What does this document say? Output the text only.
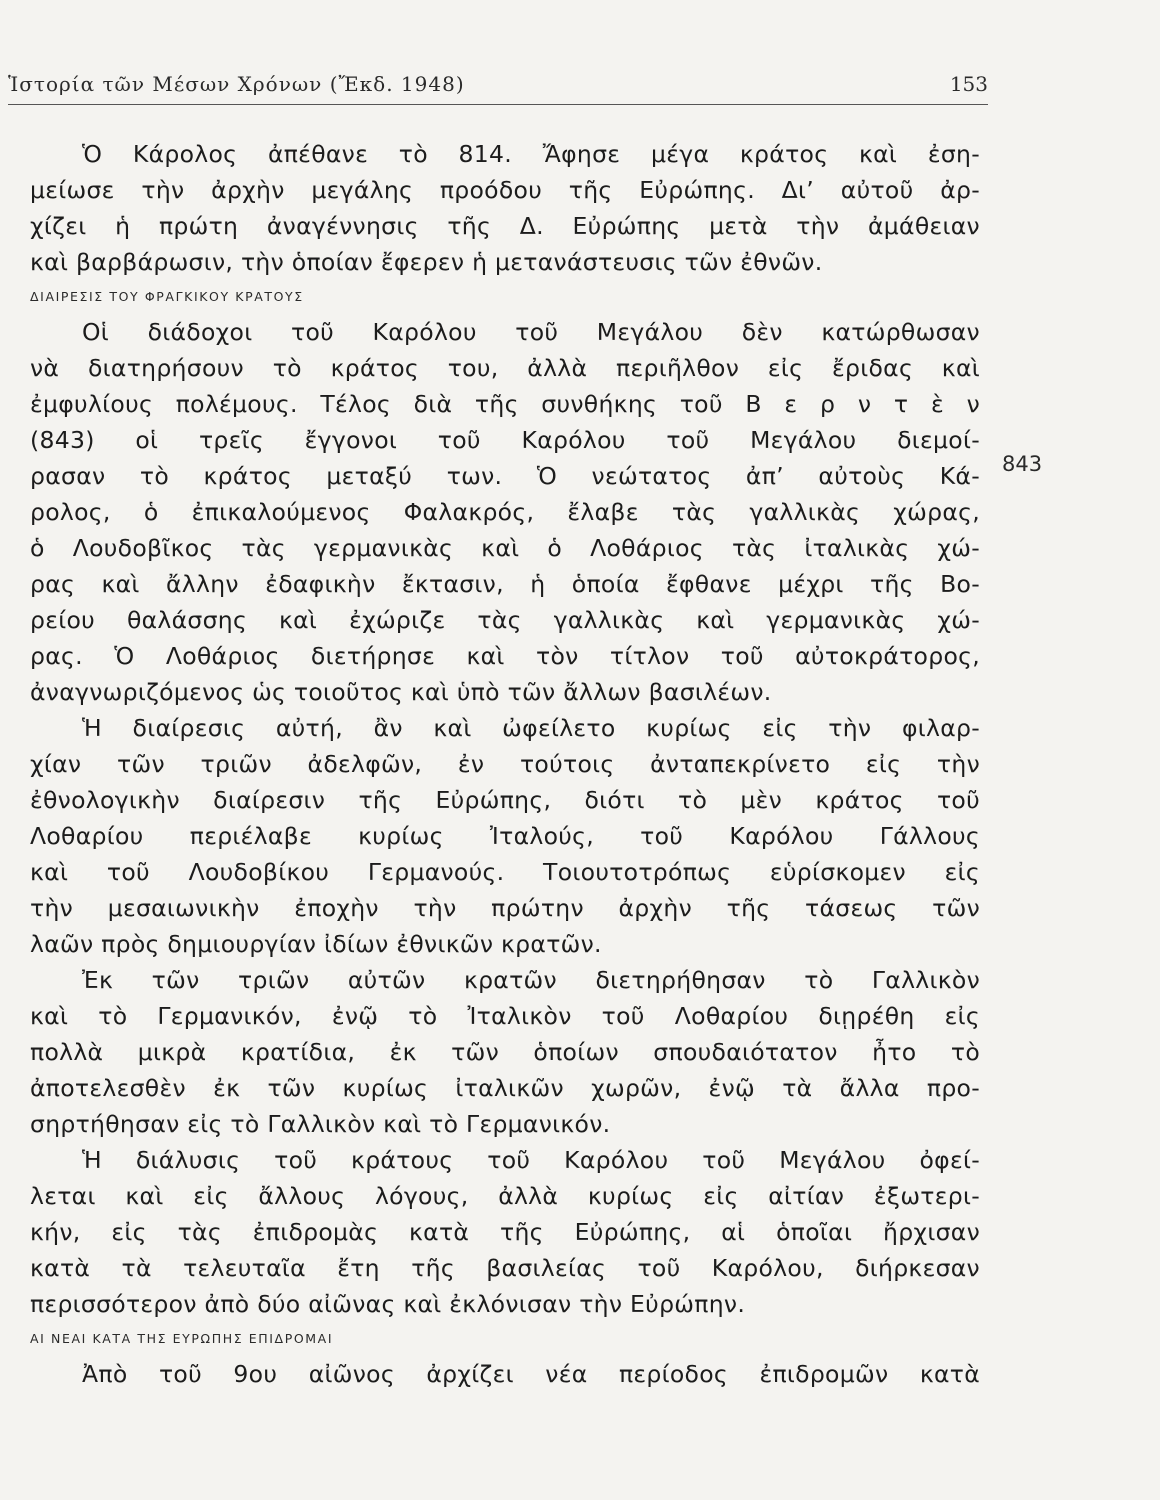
Ἱστορία τῶν Μέσων Χρόνων (Ἔκδ. 1948)	153
Ὁ Κάρολος ἀπέθανε τὸ 814. Ἄφησε μέγα κράτος καὶ ἐση-
μείωσε τὴν ἀρχὴν μεγάλης προόδου τῆς Εὐρώπης. Δι’ αὐτοῦ ἀρ-
χίζει ἡ πρώτη ἀναγέννησις τῆς Δ. Εὐρώπης μετὰ τὴν ἀμάθειαν
καὶ βαρβάρωσιν, τὴν ὁποίαν ἔφερεν ἡ μετανάστευσις τῶν ἐθνῶν.
ΔΙΑΙΡΕΣΙΣ ΤΟΥ ΦΡΑΓΚΙΚΟΥ ΚΡΑΤΟΥΣ
Οἱ διάδοχοι τοῦ Καρόλου τοῦ Μεγάλου δὲν κατώρθωσαν
νὰ διατηρήσουν τὸ κράτος του, ἀλλὰ περιῆλθον εἰς ἔριδας καὶ
ἐμφυλίους πολέμους. Τέλος διὰ τῆς συνθήκης τοῦ Β ε ρ ν τ ὲ ν
(843) οἱ τρεῖς ἔγγονοι τοῦ Καρόλου τοῦ Μεγάλου διεμοί-
ρασαν τὸ κράτος μεταξύ των. Ὁ νεώτατος ἀπ’ αὐτοὺς Κά-
ρολος, ὁ ἐπικαλούμενος Φαλακρός, ἔλαβε τὰς γαλλικὰς χώρας,
ὁ Λουδοβῖκος τὰς γερμανικὰς καὶ ὁ Λοθάριος τὰς ἰταλικὰς χώ-
ρας καὶ ἄλλην ἐδαφικὴν ἔκτασιν, ἡ ὁποία ἔφθανε μέχρι τῆς Βο-
ρείου θαλάσσης καὶ ἐχώριζε τὰς γαλλικὰς καὶ γερμανικὰς χώ-
ρας. Ὁ Λοθάριος διετήρησε καὶ τὸν τίτλον τοῦ αὐτοκράτορος,
ἀναγνωριζόμενος ὡς τοιοῦτος καὶ ὑπὸ τῶν ἄλλων βασιλέων.
Ἡ διαίρεσις αὐτή, ἂν καὶ ὠφείλετο κυρίως εἰς τὴν φιλαρ-
χίαν τῶν τριῶν ἀδελφῶν, ἐν τούτοις ἀνταπεκρίνετο εἰς τὴν
ἐθνολογικὴν διαίρεσιν τῆς Εὐρώπης, διότι τὸ μὲν κράτος τοῦ
Λοθαρίου περιέλαβε κυρίως Ἰταλούς, τοῦ Καρόλου Γάλλους
καὶ τοῦ Λουδοβίκου Γερμανούς. Τοιουτοτρόπως εὑρίσκομεν εἰς
τὴν μεσαιωνικὴν ἐποχὴν τὴν πρώτην ἀρχὴν τῆς τάσεως τῶν
λαῶν πρὸς δημιουργίαν ἰδίων ἐθνικῶν κρατῶν.
Ἐκ τῶν τριῶν αὐτῶν κρατῶν διετηρήθησαν τὸ Γαλλικὸν
καὶ τὸ Γερμανικόν, ἐνῷ τὸ Ἰταλικὸν τοῦ Λοθαρίου διῃρέθη εἰς
πολλὰ μικρὰ κρατίδια, ἐκ τῶν ὁποίων σπουδαιότατον ἦτο τὸ
ἀποτελεσθὲν ἐκ τῶν κυρίως ἰταλικῶν χωρῶν, ἐνῷ τὰ ἄλλα προ-
σηρτήθησαν εἰς τὸ Γαλλικὸν καὶ τὸ Γερμανικόν.
Ἡ διάλυσις τοῦ κράτους τοῦ Καρόλου τοῦ Μεγάλου ὀφεί-
λεται καὶ εἰς ἄλλους λόγους, ἀλλὰ κυρίως εἰς αἰτίαν ἐξωτερι-
κήν, εἰς τὰς ἐπιδρομὰς κατὰ τῆς Εὐρώπης, αἱ ὁποῖαι ἤρχισαν
κατὰ τὰ τελευταῖα ἔτη τῆς βασιλείας τοῦ Καρόλου, διήρκεσαν
περισσότερον ἀπὸ δύο αἰῶνας καὶ ἐκλόνισαν τὴν Εὐρώπην.
ΑΙ ΝΕΑΙ ΚΑΤΑ ΤΗΣ ΕΥΡΩΠΗΣ ΕΠΙΔΡΟΜΑΙ
Ἀπὸ τοῦ 9ου αἰῶνος ἀρχίζει νέα περίοδος ἐπιδρομῶν κατὰ
843
